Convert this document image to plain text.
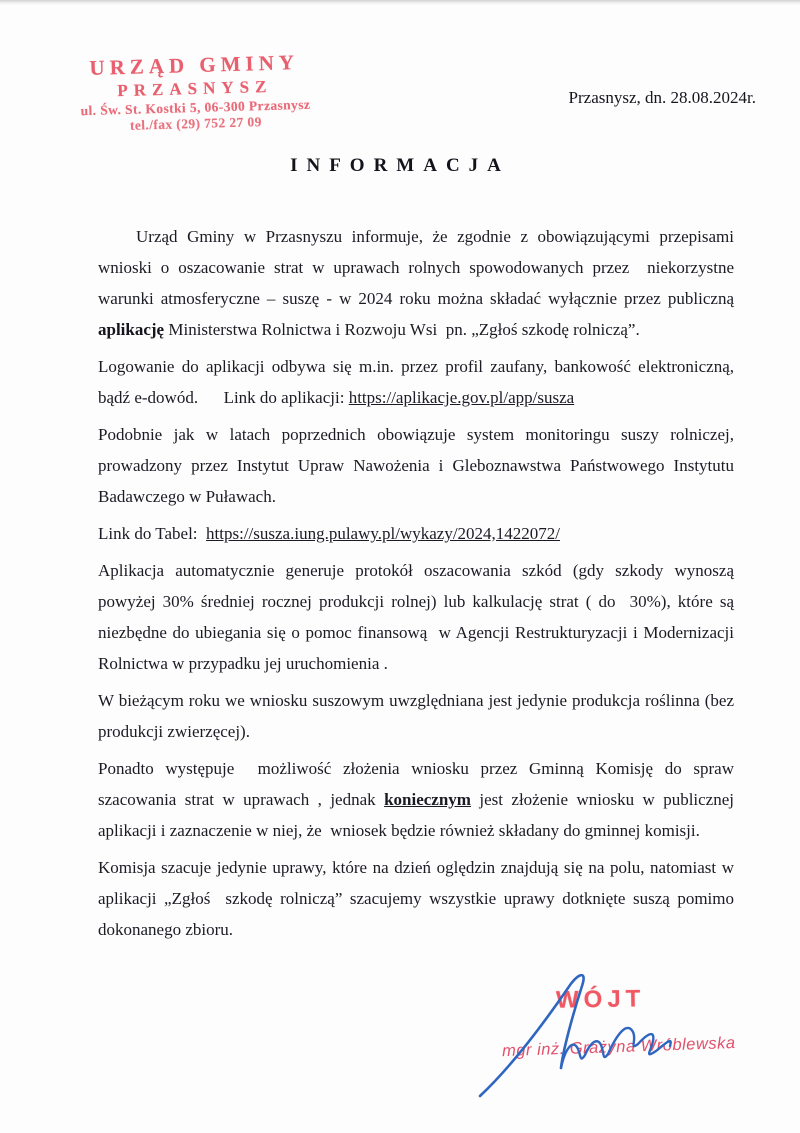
URZĄD GMINY
PRZASNYSZ
ul. Św. St. Kostki 5, 06-300 Przasnysz
tel./fax (29) 752 27 09
Przasnysz, dn. 28.08.2024r.
INFORMACJA

Urząd Gminy w Przasnyszu informuje, że zgodnie z obowiązującymi przepisami wnioski o oszacowanie strat w uprawach rolnych spowodowanych przez  niekorzystne warunki atmosferyczne – suszę - w 2024 roku można składać wyłącznie przez publiczną aplikację Ministerstwa Rolnictwa i Rozwoju Wsi  pn. „Zgłoś szkodę rolniczą”.

Logowanie do aplikacji odbywa się m.in. przez profil zaufany, bankowość elektroniczną, bądź e-dowód.      Link do aplikacji: https://aplikacje.gov.pl/app/susza

Podobnie jak w latach poprzednich obowiązuje system monitoringu suszy rolniczej, prowadzony przez Instytut Upraw Nawożenia i Gleboznawstwa Państwowego Instytutu Badawczego w Puławach.

Link do Tabel:  https://susza.iung.pulawy.pl/wykazy/2024,1422072/

Aplikacja automatycznie generuje protokół oszacowania szkód (gdy szkody wynoszą powyżej 30% średniej rocznej produkcji rolnej) lub kalkulację strat ( do  30%), które są niezbędne do ubiegania się o pomoc finansową  w Agencji Restrukturyzacji i Modernizacji Rolnictwa w przypadku jej uruchomienia .

W bieżącym roku we wniosku suszowym uwzględniana jest jedynie produkcja roślinna (bez produkcji zwierzęcej).

Ponadto występuje  możliwość złożenia wniosku przez Gminną Komisję do spraw szacowania strat w uprawach , jednak koniecznym jest złożenie wniosku w publicznej aplikacji i zaznaczenie w niej, że  wniosek będzie również składany do gminnej komisji.

Komisja szacuje jedynie uprawy, które na dzień oględzin znajdują się na polu, natomiast w aplikacji „Zgłoś  szkodę rolniczą” szacujemy wszystkie uprawy dotknięte suszą pomimo dokonanego zbioru.

WÓJT
mgr inż. Grażyna Wróblewska
